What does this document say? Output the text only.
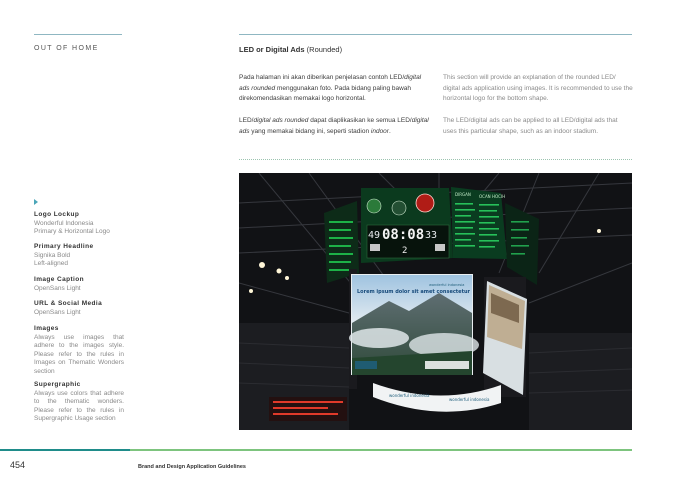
OUT OF HOME	LED or Digital Ads (Rounded)
Pada halaman ini akan diberikan penjelasan contoh LED/digital ads rounded menggunakan foto. Pada bidang paling bawah direkomendasikan memakai logo horizontal.
LED/digital ads rounded dapat diaplikasikan ke semua LED/digital ads yang memakai bidang ini, seperti stadion indoor.
This section will provide an explanation of the rounded LED/ digital ads application using images. It is recommended to use the horizontal logo for the bottom shape.
The LED/digital ads can be applied to all LED/digital ads that uses this particular shape, such as an indoor stadium.
Logo Lockup
Wonderful Indonesia
Primary & Horizontal Logo
Primary Headline
Signika Bold
Left-aligned
Image Caption
OpenSans Light
URL & Social Media
OpenSans Light
Images
Always use images that adhere to the images style. Please refer to the rules in Images on Thematic Wonders section
Supergraphic
Always use colors that adhere to the thematic wonders. Please refer to the rules in Supergraphic Usage section
49 08:08 33
2
DIRGAN OCAN HOCIH
Lorem ipsum dolor sit amet consectetur
wonderful indonesia
wonderful indonesia
wonderful indonesia
454	Brand and Design Application Guidelines
